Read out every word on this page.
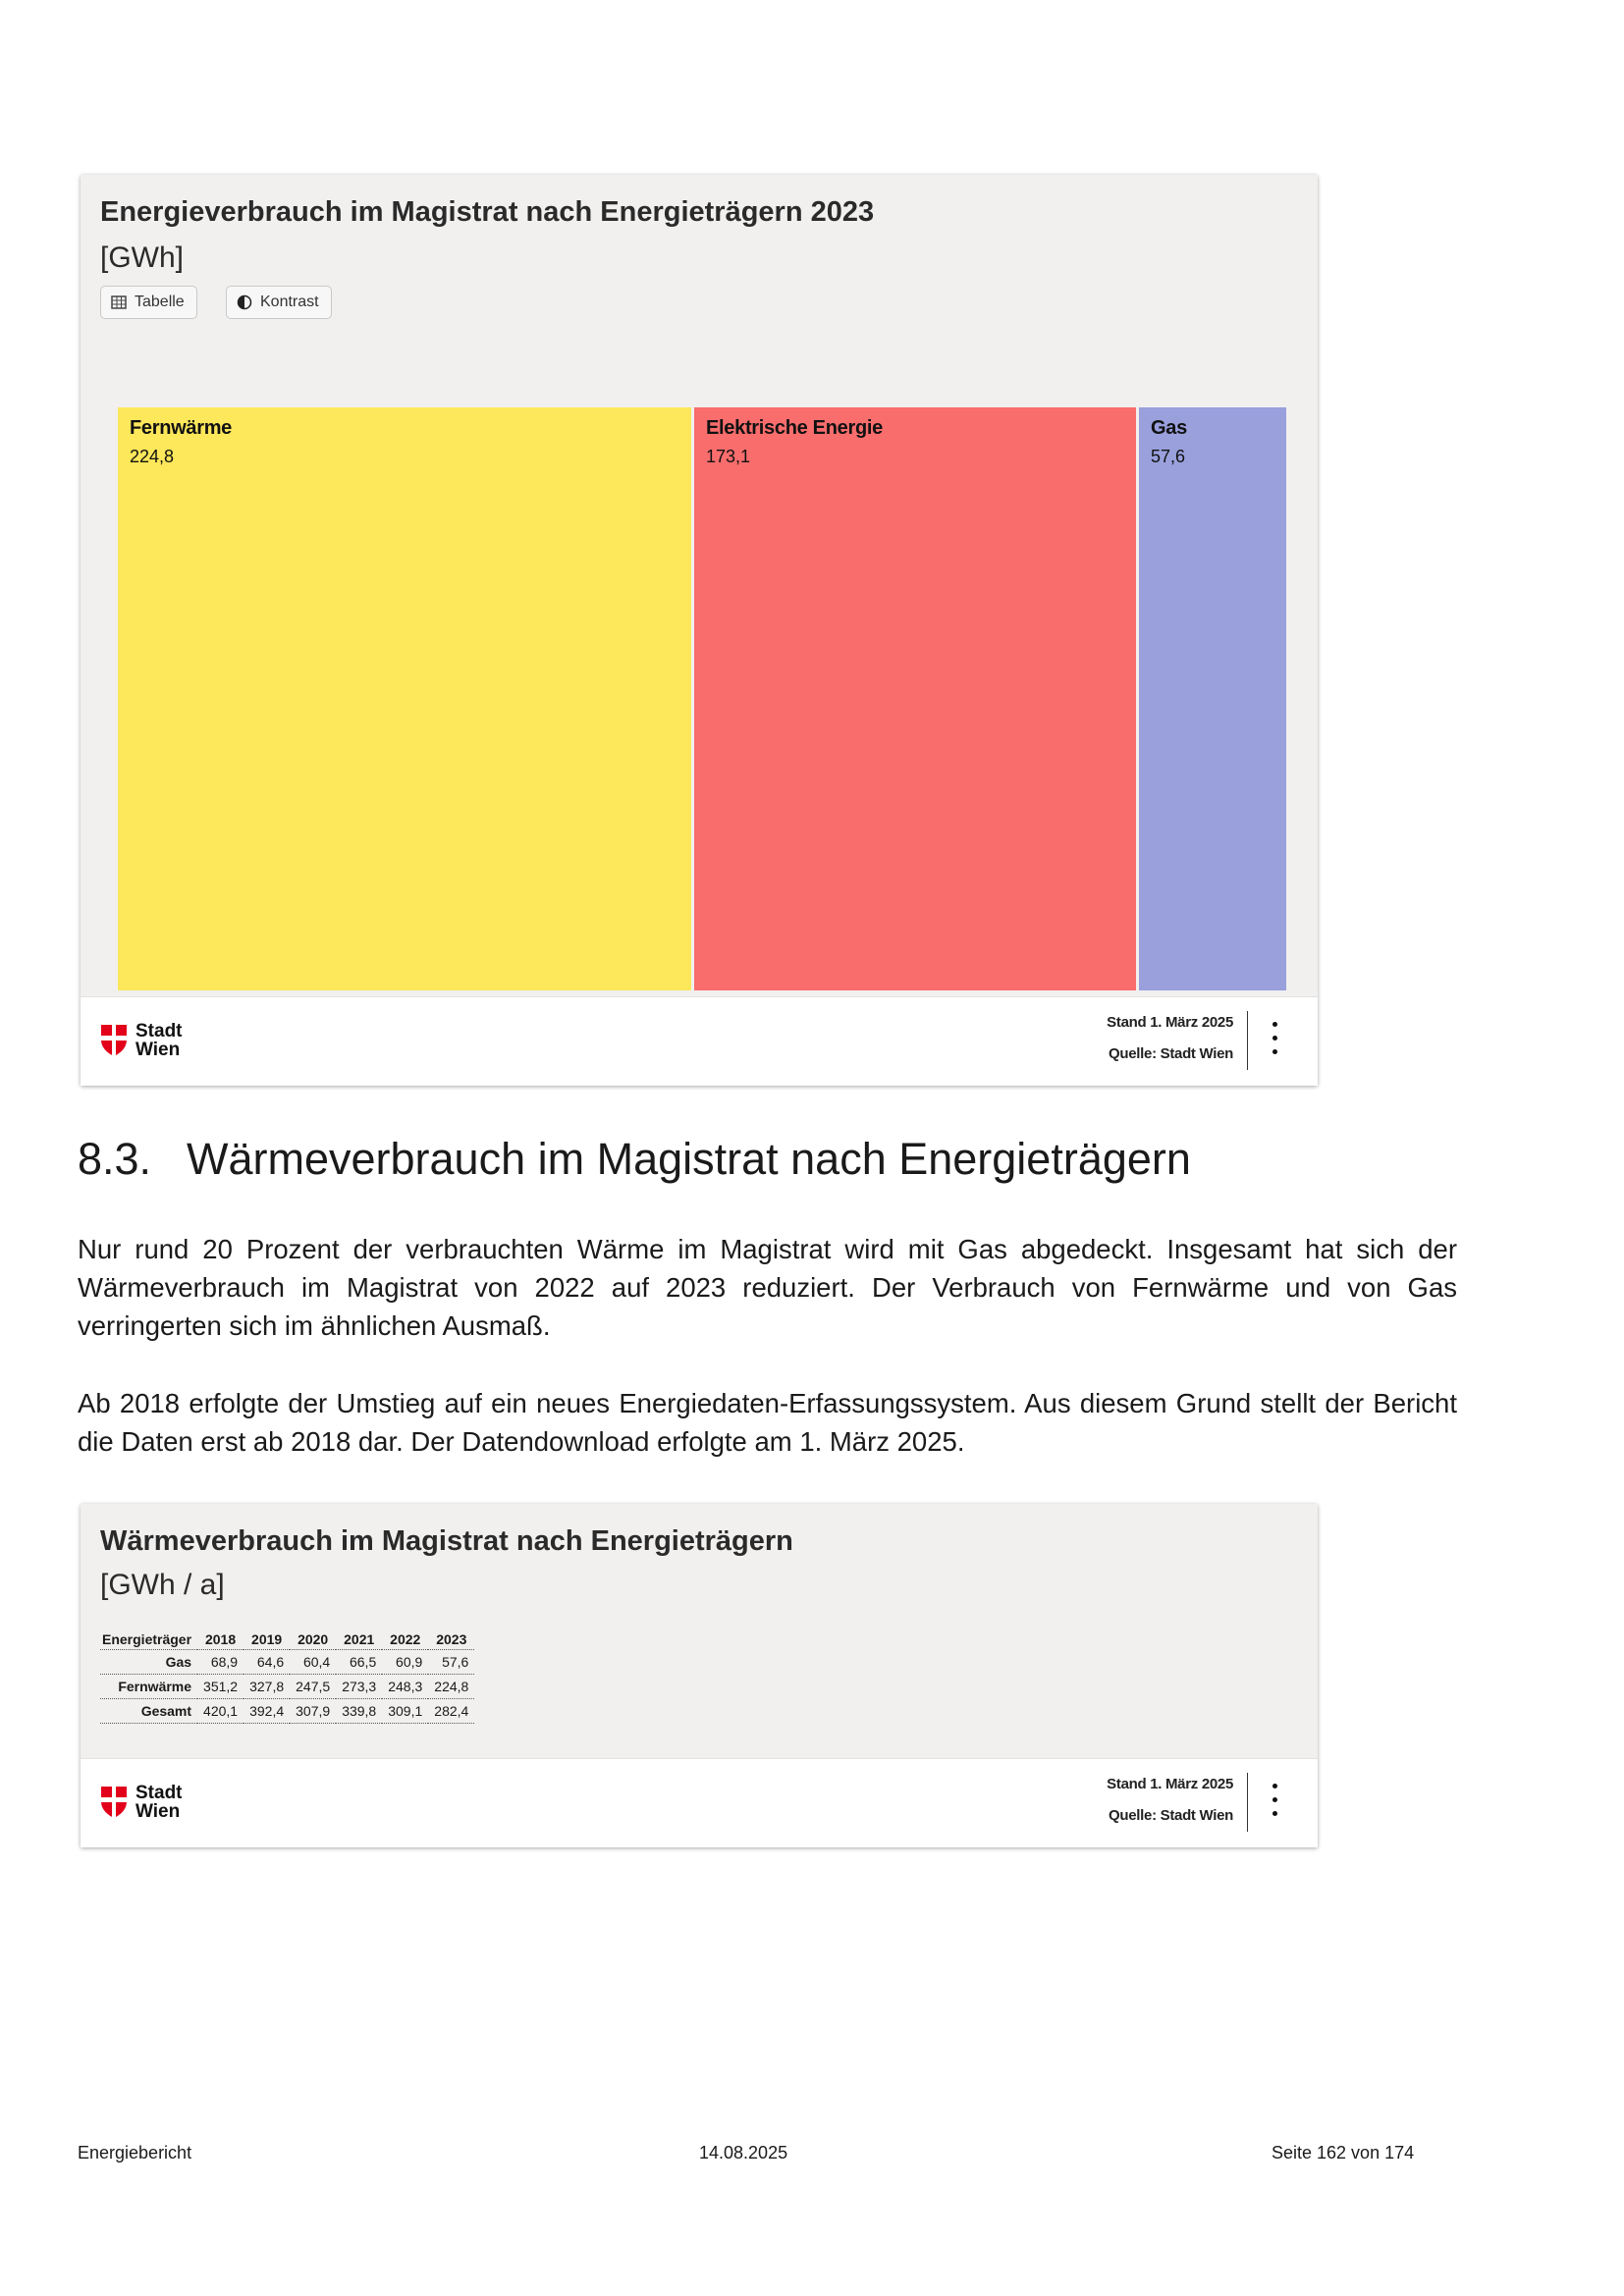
Energieverbrauch im Magistrat nach Energieträgern 2023
[GWh]
Tabelle	Kontrast
Fernwärme
224,8
Elektrische Energie
173,1
Gas
57,6
Stadt
Wien
Stand 1. März 2025
Quelle: Stadt Wien
8.3. Wärmeverbrauch im Magistrat nach Energieträgern
Nur rund 20 Prozent der verbrauchten Wärme im Magistrat wird mit Gas abgedeckt. Insgesamt hat sich der Wärmeverbrauch im Magistrat von 2022 auf 2023 reduziert. Der Verbrauch von Fernwärme und von Gas verringerten sich im ähnlichen Ausmaß.
Ab 2018 erfolgte der Umstieg auf ein neues Energiedaten-Erfassungssystem. Aus diesem Grund stellt der Bericht die Daten erst ab 2018 dar. Der Datendownload erfolgte am 1. März 2025.
Wärmeverbrauch im Magistrat nach Energieträgern
[GWh / a]
Energieträger	2018	2019	2020	2021	2022	2023
Gas	68,9	64,6	60,4	66,5	60,9	57,6
Fernwärme	351,2	327,8	247,5	273,3	248,3	224,8
Gesamt	420,1	392,4	307,9	339,8	309,1	282,4
Stadt
Wien
Stand 1. März 2025
Quelle: Stadt Wien
Energiebericht	14.08.2025	Seite 162 von 174
